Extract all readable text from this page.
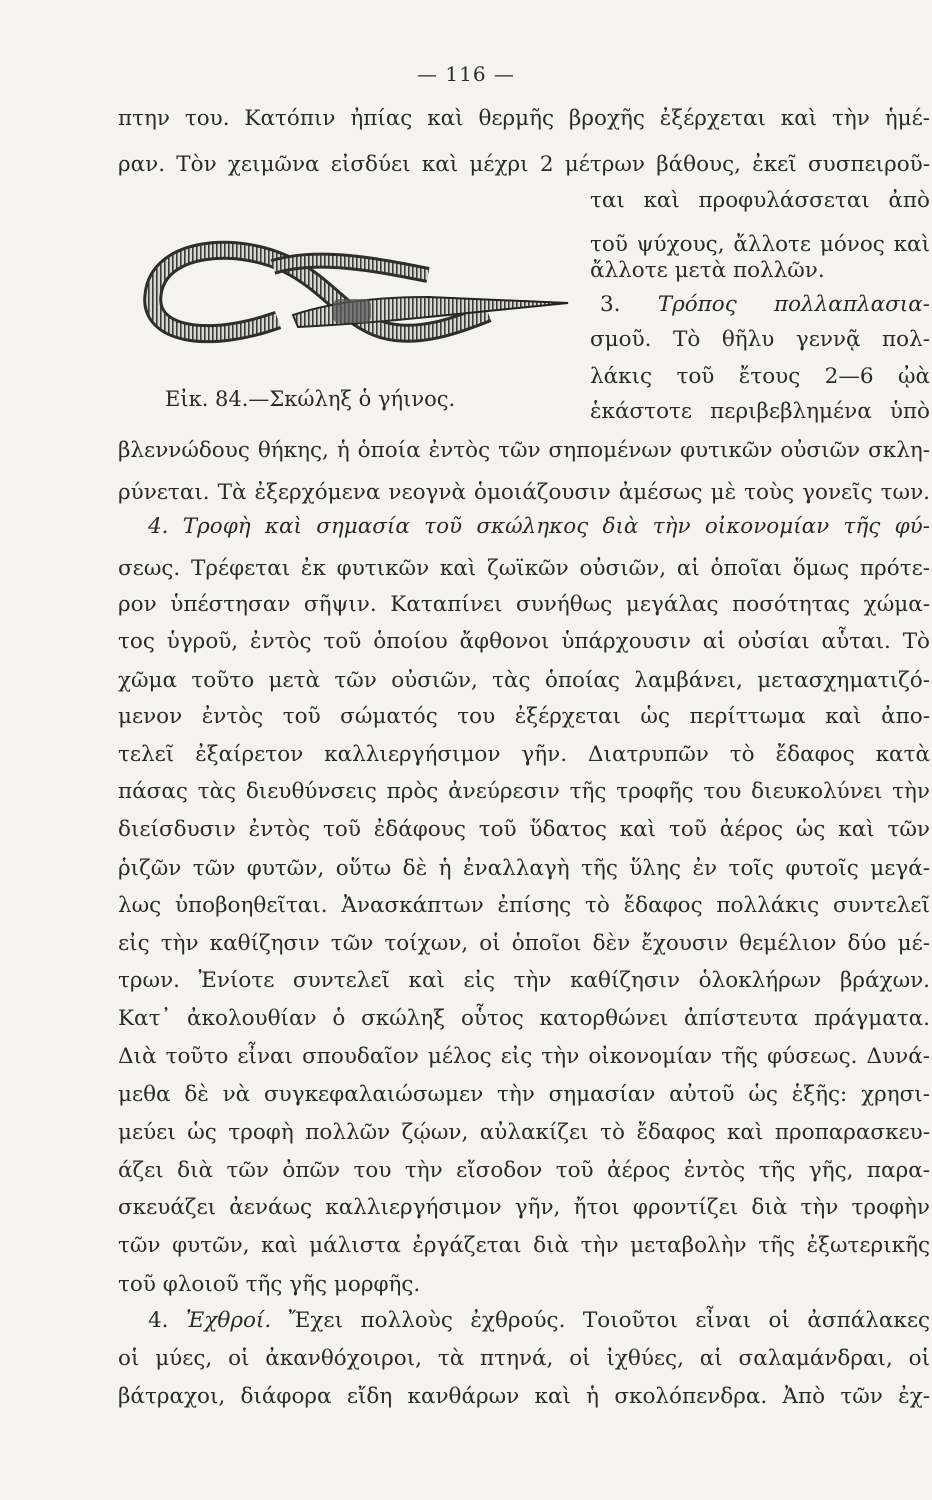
— 116 —
πτην του. Κατόπιν ἠπίας καὶ θερμῆς βροχῆς ἐξέρχεται καὶ τὴν ἡμέ-
ραν. Τὸν χειμῶνα εἰσδύει καὶ μέχρι 2 μέτρων βάθους, ἐκεῖ συσπειροῦ-
ται καὶ προφυλάσσεται ἀπὸ
τοῦ ψύχους, ἄλλοτε μόνος καὶ
ἄλλοτε μετὰ πολλῶν.
3. Τρόπος πολλαπλασια-
σμοῦ. Τὸ θῆλυ γεννᾷ πολ-
λάκις τοῦ ἔτους 2—6 ᾠὰ
ἑκάστοτε περιβεβλημένα ὑπὸ
Εἰκ. 84.—Σκώληξ ὁ γήινος.
βλεννώδους θήκης, ἡ ὁποία ἐντὸς τῶν σηπομένων φυτικῶν οὐσιῶν σκλη-
ρύνεται. Τὰ ἐξερχόμενα νεογνὰ ὁμοιάζουσιν ἀμέσως μὲ τοὺς γονεῖς των.
4. Τροφὴ καὶ σημασία τοῦ σκώληκος διὰ τὴν οἰκονομίαν τῆς φύ-
σεως. Τρέφεται ἐκ φυτικῶν καὶ ζωϊκῶν οὐσιῶν, αἱ ὁποῖαι ὅμως πρότε-
ρον ὑπέστησαν σῆψιν. Καταπίνει συνήθως μεγάλας ποσότητας χώμα-
τος ὑγροῦ, ἐντὸς τοῦ ὁποίου ἄφθονοι ὑπάρχουσιν αἱ οὐσίαι αὗται. Τὸ
χῶμα τοῦτο μετὰ τῶν οὐσιῶν, τὰς ὁποίας λαμβάνει, μετασχηματιζό-
μενον ἐντὸς τοῦ σώματός του ἐξέρχεται ὡς περίττωμα καὶ ἀπο-
τελεῖ ἐξαίρετον καλλιεργήσιμον γῆν. Διατρυπῶν τὸ ἔδαφος κατὰ
πάσας τὰς διευθύνσεις πρὸς ἀνεύρεσιν τῆς τροφῆς του διευκολύνει τὴν
διείσδυσιν ἐντὸς τοῦ ἐδάφους τοῦ ὕδατος καὶ τοῦ ἀέρος ὡς καὶ τῶν
ῥιζῶν τῶν φυτῶν, οὕτω δὲ ἡ ἐναλλαγὴ τῆς ὕλης ἐν τοῖς φυτοῖς μεγά-
λως ὑποβοηθεῖται. Ἀνασκάπτων ἐπίσης τὸ ἔδαφος πολλάκις συντελεῖ
εἰς τὴν καθίζησιν τῶν τοίχων, οἱ ὁποῖοι δὲν ἔχουσιν θεμέλιον δύο μέ-
τρων. Ἐνίοτε συντελεῖ καὶ εἰς τὴν καθίζησιν ὁλοκλήρων βράχων.
Κατ᾽ ἀκολουθίαν ὁ σκώληξ οὗτος κατορθώνει ἀπίστευτα πράγματα.
Διὰ τοῦτο εἶναι σπουδαῖον μέλος εἰς τὴν οἰκονομίαν τῆς φύσεως. Δυνά-
μεθα δὲ νὰ συγκεφαλαιώσωμεν τὴν σημασίαν αὐτοῦ ὡς ἑξῆς: χρησι-
μεύει ὡς τροφὴ πολλῶν ζῴων, αὐλακίζει τὸ ἔδαφος καὶ προπαρασκευ-
άζει διὰ τῶν ὀπῶν του τὴν εἴσοδον τοῦ ἀέρος ἐντὸς τῆς γῆς, παρα-
σκευάζει ἀενάως καλλιεργήσιμον γῆν, ἤτοι φροντίζει διὰ τὴν τροφὴν
τῶν φυτῶν, καὶ μάλιστα ἐργάζεται διὰ τὴν μεταβολὴν τῆς ἐξωτερικῆς
τοῦ φλοιοῦ τῆς γῆς μορφῆς.
4. Ἐχθροί. Ἔχει πολλοὺς ἐχθρούς. Τοιοῦτοι εἶναι οἱ ἀσπάλακες
οἱ μύες, οἱ ἀκανθόχοιροι, τὰ πτηνά, οἱ ἰχθύες, αἱ σαλαμάνδραι, οἱ
βάτραχοι, διάφορα εἴδη κανθάρων καὶ ἡ σκολόπενδρα. Ἀπὸ τῶν ἐχ-
